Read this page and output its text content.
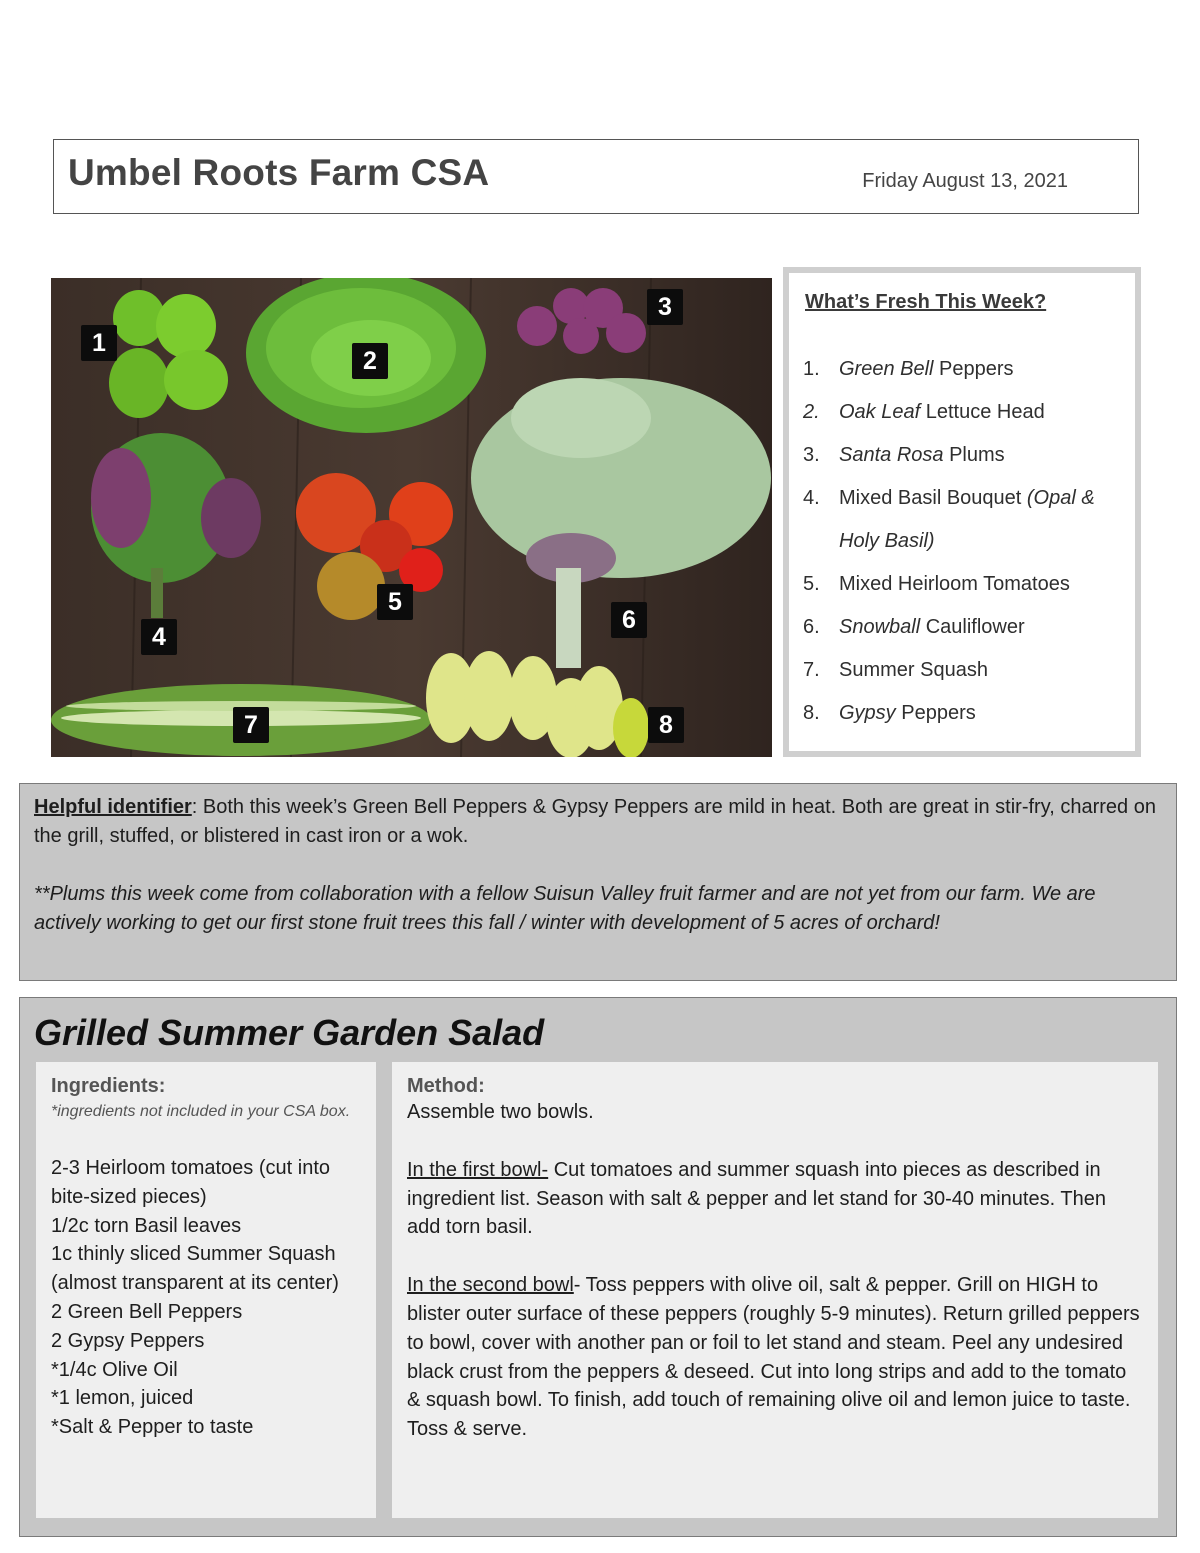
Umbel Roots Farm CSA	Friday August 13, 2021
1
2
3
4
5
6
7	8
What’s Fresh This Week?
1. Green Bell Peppers
2. Oak Leaf Lettuce Head
3. Santa Rosa Plums
4. Mixed Basil Bouquet (Opal & Holy Basil)
5. Mixed Heirloom Tomatoes
6. Snowball Cauliflower
7. Summer Squash
8. Gypsy Peppers

Helpful identifier: Both this week’s Green Bell Peppers & Gypsy Peppers are mild in heat. Both are great in stir-fry, charred on the grill, stuffed, or blistered in cast iron or a wok.

**Plums this week come from collaboration with a fellow Suisun Valley fruit farmer and are not yet from our farm. We are actively working to get our first stone fruit trees this fall / winter with development of 5 acres of orchard!

Grilled Summer Garden Salad
Ingredients:
*ingredients not included in your CSA box.
2-3 Heirloom tomatoes (cut into bite-sized pieces)
1/2c torn Basil leaves
1c thinly sliced Summer Squash (almost transparent at its center)
2 Green Bell Peppers
2 Gypsy Peppers
*1/4c Olive Oil
*1 lemon, juiced
*Salt & Pepper to taste
Method:
Assemble two bowls.

In the first bowl- Cut tomatoes and summer squash into pieces as described in ingredient list. Season with salt & pepper and let stand for 30-40 minutes. Then add torn basil.

In the second bowl- Toss peppers with olive oil, salt & pepper. Grill on HIGH to blister outer surface of these peppers (roughly 5-9 minutes). Return grilled peppers to bowl, cover with another pan or foil to let stand and steam. Peel any undesired black crust from the peppers & deseed. Cut into long strips and add to the tomato & squash bowl. To finish, add touch of remaining olive oil and lemon juice to taste. Toss & serve.
